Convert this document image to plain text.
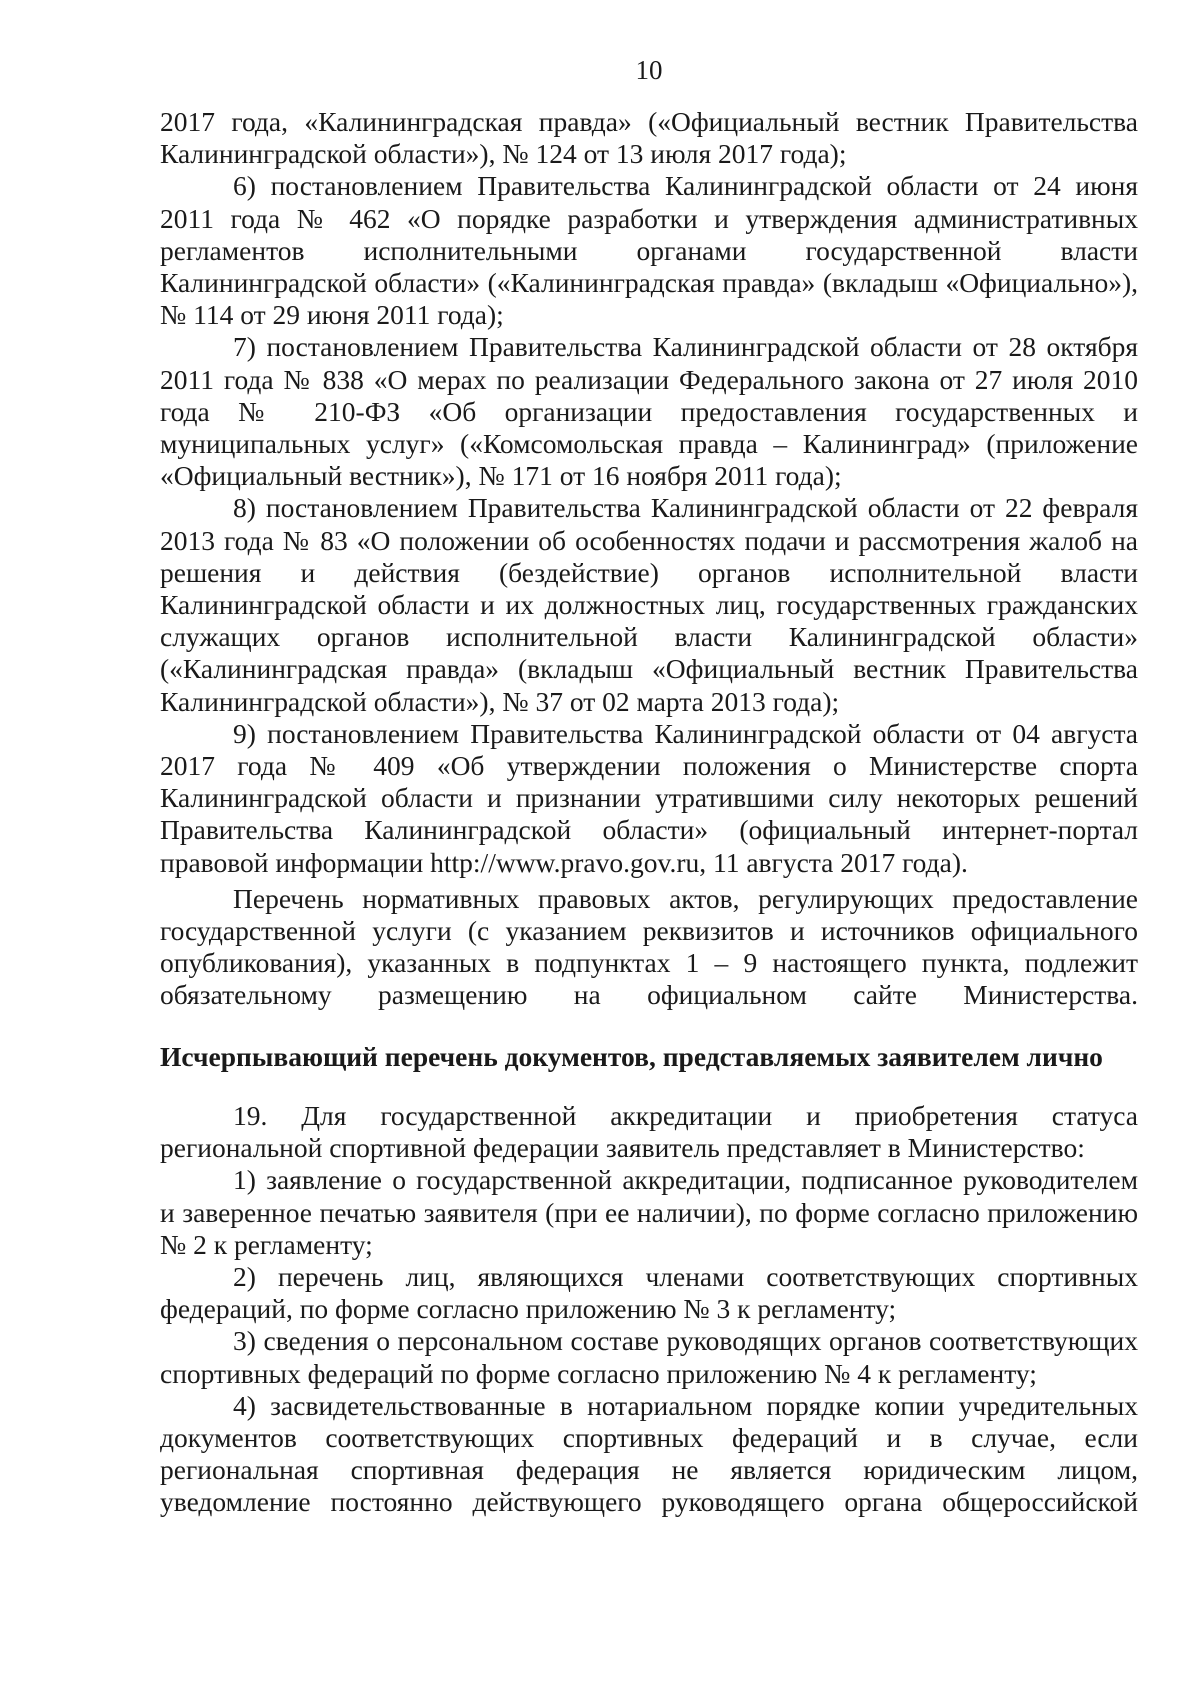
10

2017 года, «Калининградская правда» («Официальный вестник Правительства Калининградской области»), № 124 от 13 июля 2017 года);

6) постановлением Правительства Калининградской области от 24 июня 2011 года № 462 «О порядке разработки и утверждения административных регламентов исполнительными органами государственной власти Калининградской области» («Калининградская правда» (вкладыш «Официально»), № 114 от 29 июня 2011 года);

7) постановлением Правительства Калининградской области от 28 октября 2011 года № 838 «О мерах по реализации Федерального закона от 27 июля 2010 года № 210-ФЗ «Об организации предоставления государственных и муниципальных услуг» («Комсомольская правда – Калининград» (приложение «Официальный вестник»), № 171 от 16 ноября 2011 года);

8) постановлением Правительства Калининградской области от 22 февраля 2013 года № 83 «О положении об особенностях подачи и рассмотрения жалоб на решения и действия (бездействие) органов исполнительной власти Калининградской области и их должностных лиц, государственных гражданских служащих органов исполнительной власти Калининградской области» («Калининградская правда» (вкладыш «Официальный вестник Правительства Калининградской области»), № 37 от 02 марта 2013 года);

9) постановлением Правительства Калининградской области от 04 августа 2017 года № 409 «Об утверждении положения о Министерстве спорта Калининградской области и признании утратившими силу некоторых решений Правительства Калининградской области» (официальный интернет-портал правовой информации http://www.pravo.gov.ru, 11 августа 2017 года).

Перечень нормативных правовых актов, регулирующих предоставление государственной услуги (с указанием реквизитов и источников официального опубликования), указанных в подпунктах 1 – 9 настоящего пункта, подлежит обязательному размещению на официальном сайте Министерства.

Исчерпывающий перечень документов, представляемых заявителем лично

19. Для государственной аккредитации и приобретения статуса региональной спортивной федерации заявитель представляет в Министерство:

1) заявление о государственной аккредитации, подписанное руководителем и заверенное печатью заявителя (при ее наличии), по форме согласно приложению № 2 к регламенту;

2) перечень лиц, являющихся членами соответствующих спортивных федераций, по форме согласно приложению № 3 к регламенту;

3) сведения о персональном составе руководящих органов соответствующих спортивных федераций по форме согласно приложению № 4 к регламенту;

4) засвидетельствованные в нотариальном порядке копии учредительных документов соответствующих спортивных федераций и в случае, если региональная спортивная федерация не является юридическим лицом, уведомление постоянно действующего руководящего органа общероссийской
